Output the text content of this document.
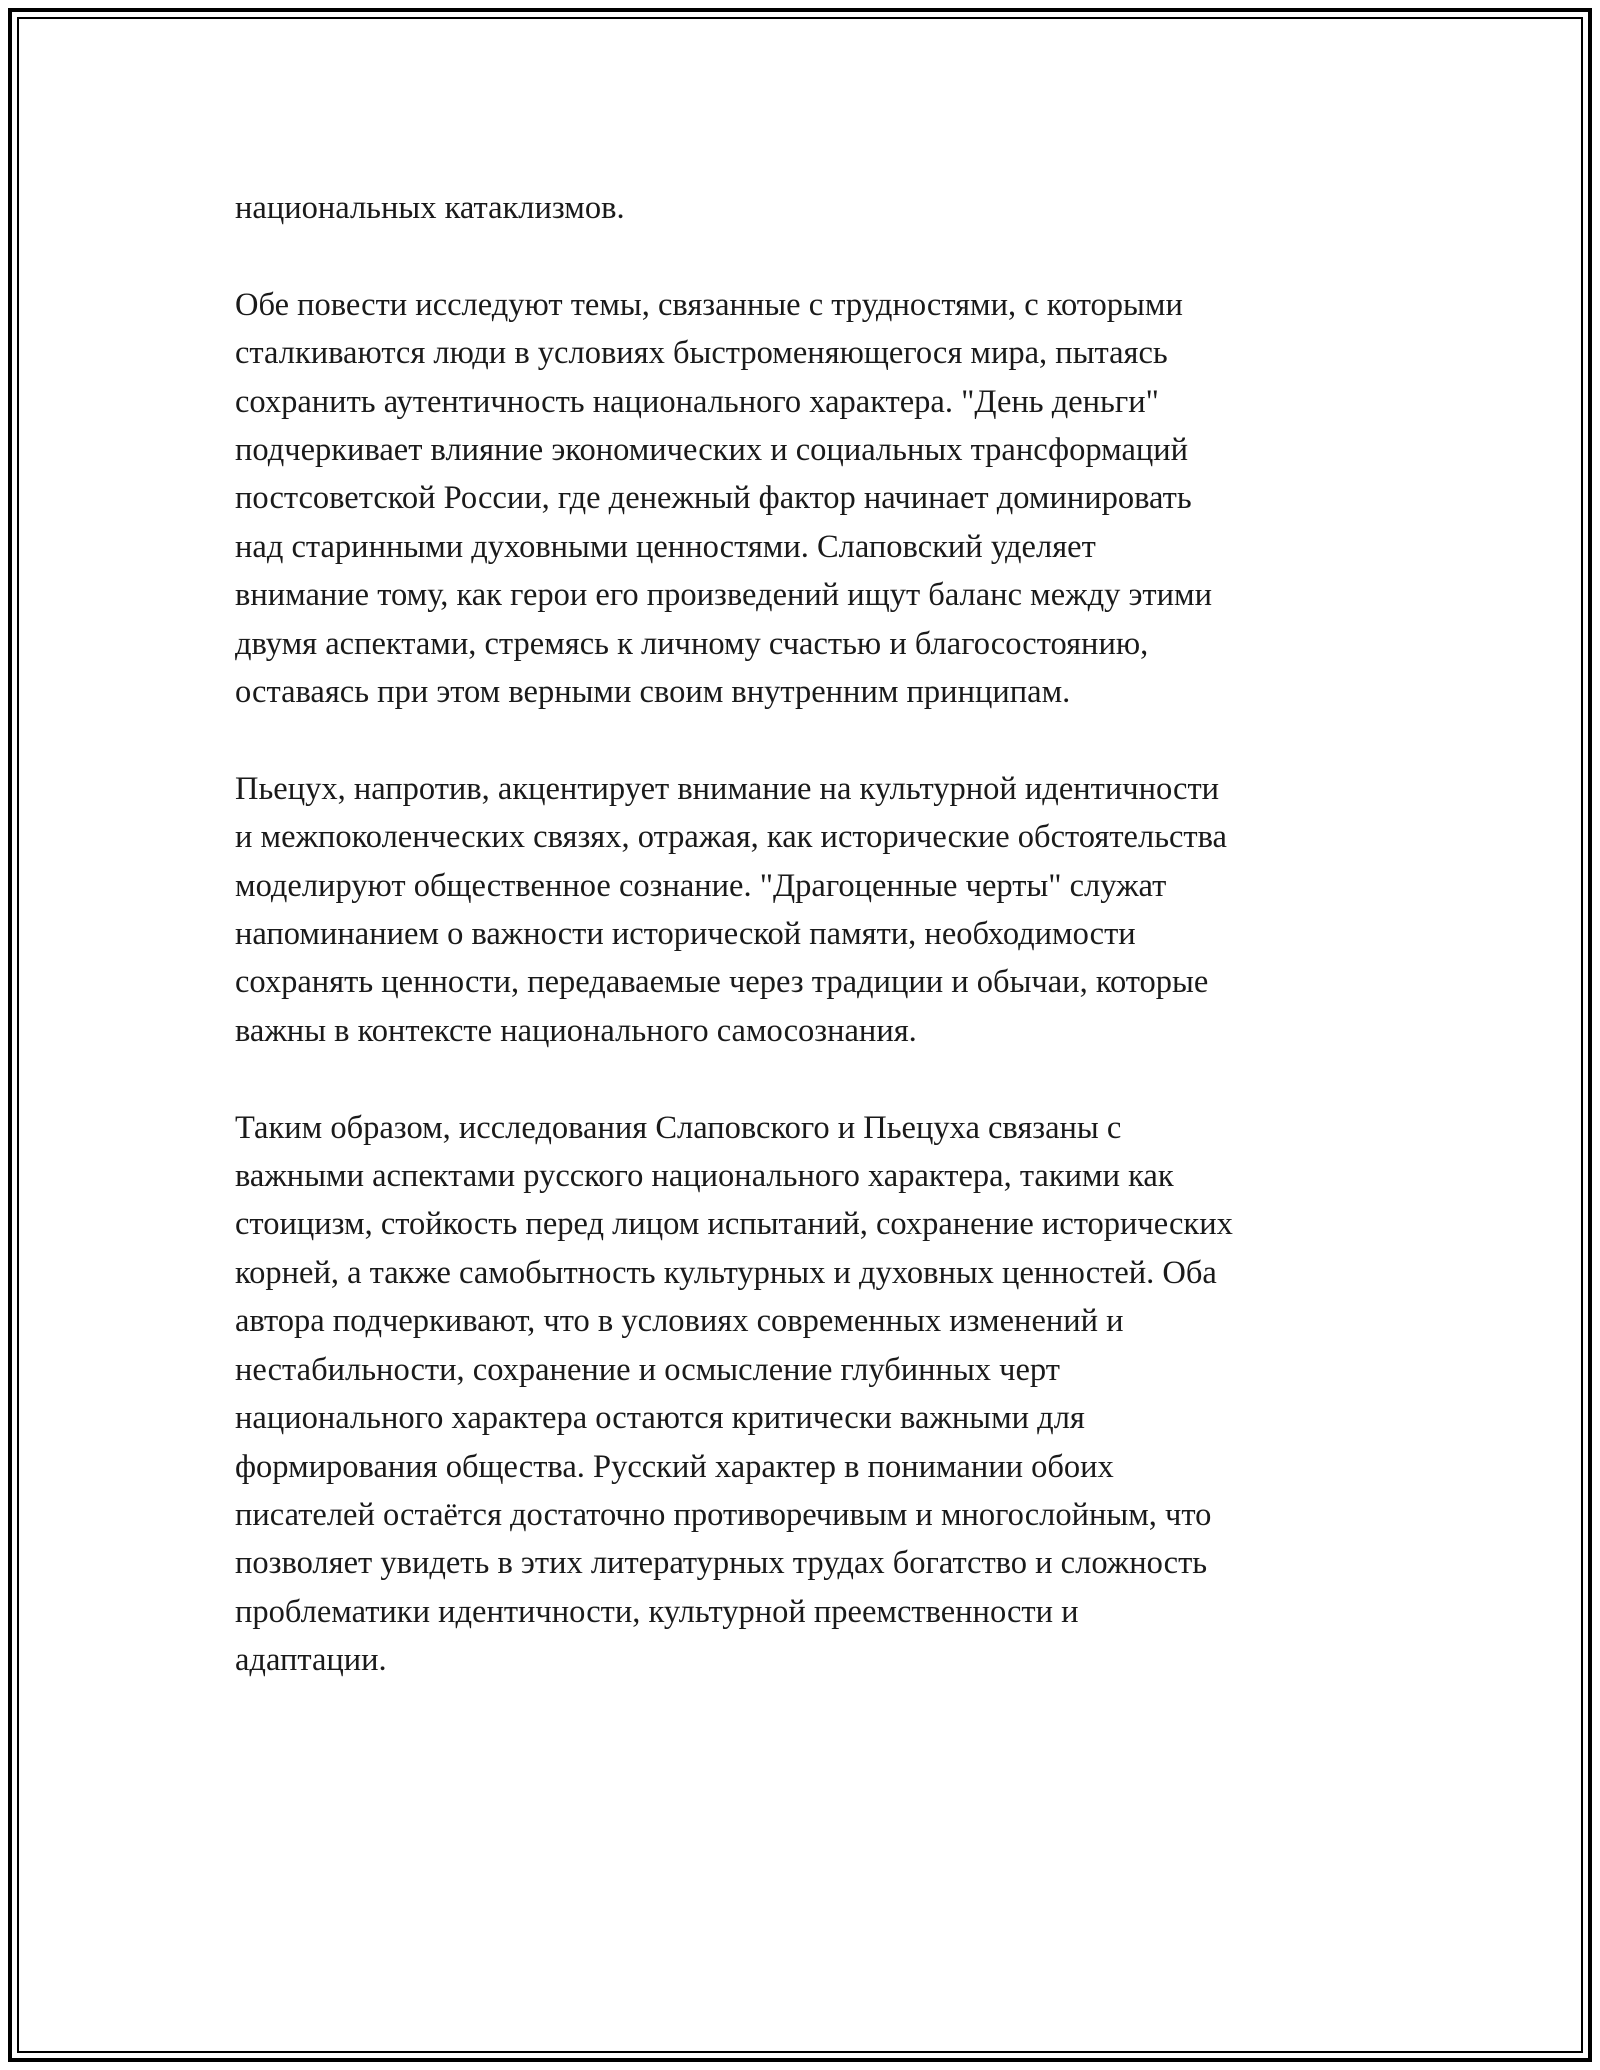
национальных катаклизмов.

Обе повести исследуют темы, связанные с трудностями, с которыми
сталкиваются люди в условиях быстроменяющегося мира, пытаясь
сохранить аутентичность национального характера. "День деньги"
подчеркивает влияние экономических и социальных трансформаций
постсоветской России, где денежный фактор начинает доминировать
над старинными духовными ценностями. Слаповский уделяет
внимание тому, как герои его произведений ищут баланс между этими
двумя аспектами, стремясь к личному счастью и благосостоянию,
оставаясь при этом верными своим внутренним принципам.

Пьецух, напротив, акцентирует внимание на культурной идентичности
и межпоколенческих связях, отражая, как исторические обстоятельства
моделируют общественное сознание. "Драгоценные черты" служат
напоминанием о важности исторической памяти, необходимости
сохранять ценности, передаваемые через традиции и обычаи, которые
важны в контексте национального самосознания.

Таким образом, исследования Слаповского и Пьецуха связаны с
важными аспектами русского национального характера, такими как
стоицизм, стойкость перед лицом испытаний, сохранение исторических
корней, а также самобытность культурных и духовных ценностей. Оба
автора подчеркивают, что в условиях современных изменений и
нестабильности, сохранение и осмысление глубинных черт
национального характера остаются критически важными для
формирования общества. Русский характер в понимании обоих
писателей остаётся достаточно противоречивым и многослойным, что
позволяет увидеть в этих литературных трудах богатство и сложность
проблематики идентичности, культурной преемственности и
адаптации.
